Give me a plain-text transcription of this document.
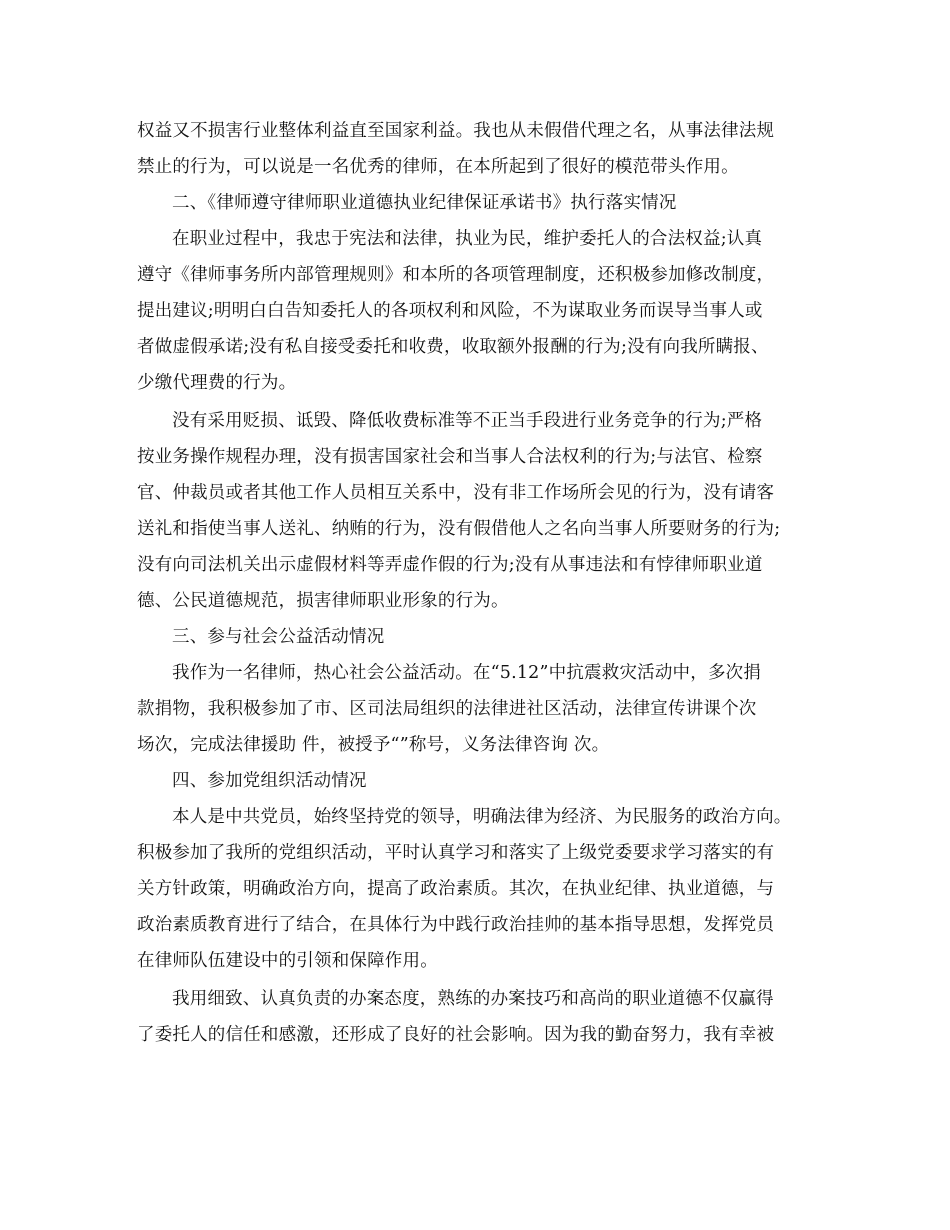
权益又不损害行业整体利益直至国家利益。我也从未假借代理之名，从事法律法规

禁止的行为，可以说是一名优秀的律师，在本所起到了很好的模范带头作用。

二、《律师遵守律师职业道德执业纪律保证承诺书》执行落实情况

在职业过程中，我忠于宪法和法律，执业为民，维护委托人的合法权益;认真

遵守《律师事务所内部管理规则》和本所的各项管理制度，还积极参加修改制度，

提出建议;明明白白告知委托人的各项权利和风险，不为谋取业务而误导当事人或

者做虚假承诺;没有私自接受委托和收费，收取额外报酬的行为;没有向我所瞒报、

少缴代理费的行为。

没有采用贬损、诋毁、降低收费标准等不正当手段进行业务竞争的行为;严格

按业务操作规程办理，没有损害国家社会和当事人合法权利的行为;与法官、检察

官、仲裁员或者其他工作人员相互关系中，没有非工作场所会见的行为，没有请客

送礼和指使当事人送礼、纳贿的行为，没有假借他人之名向当事人所要财务的行为;

没有向司法机关出示虚假材料等弄虚作假的行为;没有从事违法和有悖律师职业道

德、公民道德规范，损害律师职业形象的行为。

三、参与社会公益活动情况

我作为一名律师，热心社会公益活动。在“5.12”中抗震救灾活动中，多次捐

款捐物，我积极参加了市、区司法局组织的法律进社区活动，法律宣传讲课个次

场次，完成法律援助 件，被授予“”称号，义务法律咨询 次。

四、参加党组织活动情况

本人是中共党员，始终坚持党的领导，明确法律为经济、为民服务的政治方向。

积极参加了我所的党组织活动，平时认真学习和落实了上级党委要求学习落实的有

关方针政策，明确政治方向，提高了政治素质。其次，在执业纪律、执业道德，与

政治素质教育进行了结合，在具体行为中践行政治挂帅的基本指导思想，发挥党员

在律师队伍建设中的引领和保障作用。

我用细致、认真负责的办案态度，熟练的办案技巧和高尚的职业道德不仅赢得

了委托人的信任和感激，还形成了良好的社会影响。因为我的勤奋努力，我有幸被
